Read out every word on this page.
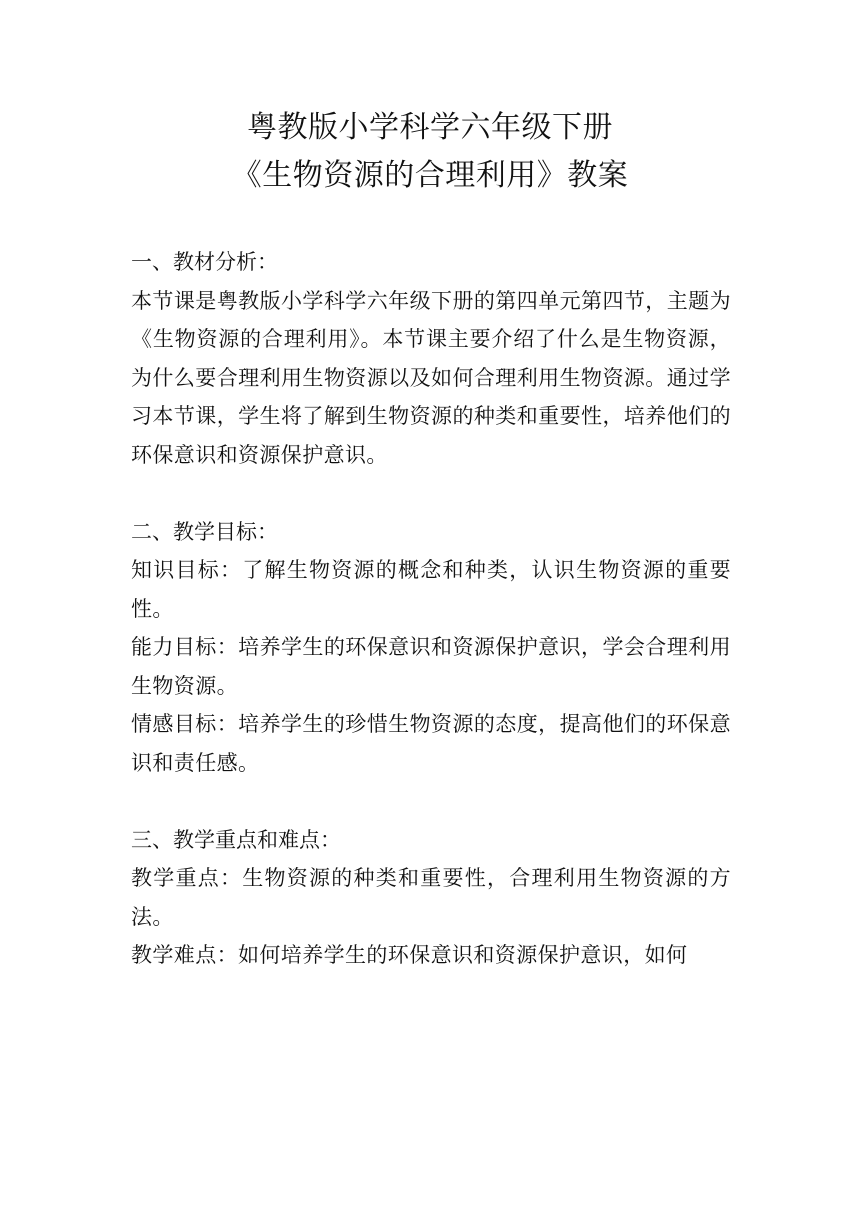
粤教版小学科学六年级下册
《生物资源的合理利用》教案

一、教材分析：

本节课是粤教版小学科学六年级下册的第四单元第四节，主题为《生物资源的合理利用》。本节课主要介绍了什么是生物资源，为什么要合理利用生物资源以及如何合理利用生物资源。通过学习本节课，学生将了解到生物资源的种类和重要性，培养他们的环保意识和资源保护意识。

二、教学目标：

知识目标：了解生物资源的概念和种类，认识生物资源的重要性。

能力目标：培养学生的环保意识和资源保护意识，学会合理利用生物资源。

情感目标：培养学生的珍惜生物资源的态度，提高他们的环保意识和责任感。

三、教学重点和难点：

教学重点：生物资源的种类和重要性，合理利用生物资源的方法。

教学难点：如何培养学生的环保意识和资源保护意识，如何
